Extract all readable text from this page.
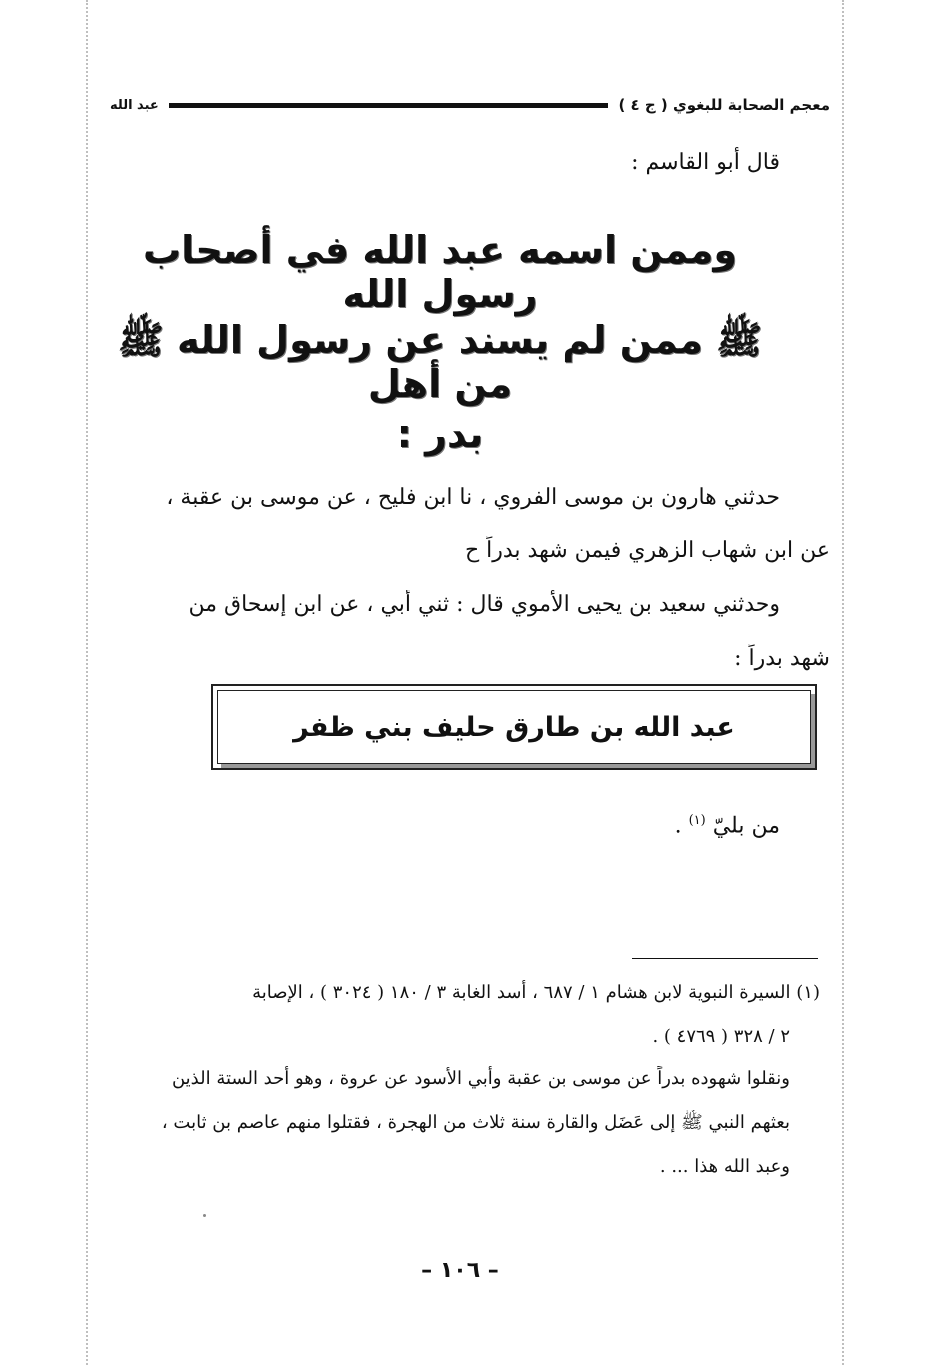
معجم الصحابة للبغوي ( ج ٤ )
عبد الله
قال أبو القاسم :
وممن اسمه عبد الله في أصحاب رسول الله
ﷺ ممن لم يسند عن رسول الله ﷺ من أهل
بدر :
حدثني هارون بن موسى الفروي ، نا ابن فليح ، عن موسى بن عقبة ،
عن ابن شهاب الزهري فيمن شهد بدراً ح
وحدثني سعيد بن يحيى الأموي قال : ثني أبي ، عن ابن إسحاق من
شهد بدراً :
عبد الله بن طارق حليف بني ظفر
من بليّ $^{(١)}$ .
(١) السيرة النبوية لابن هشام ١ / ٦٨٧ ، أسد الغابة ٣ / ١٨٠ ( ٣٠٢٤ ) ، الإصابة
٢ / ٣٢٨ ( ٤٧٦٩ ) .
ونقلوا شهوده بدراً عن موسى بن عقبة وأبي الأسود عن عروة ، وهو أحد الستة الذين
بعثهم النبي ﷺ إلى عَضَل والقارة سنة ثلاث من الهجرة ، فقتلوا منهم عاصم بن ثابت ،
وعبد الله هذا ... .
– ١٠٦ –
